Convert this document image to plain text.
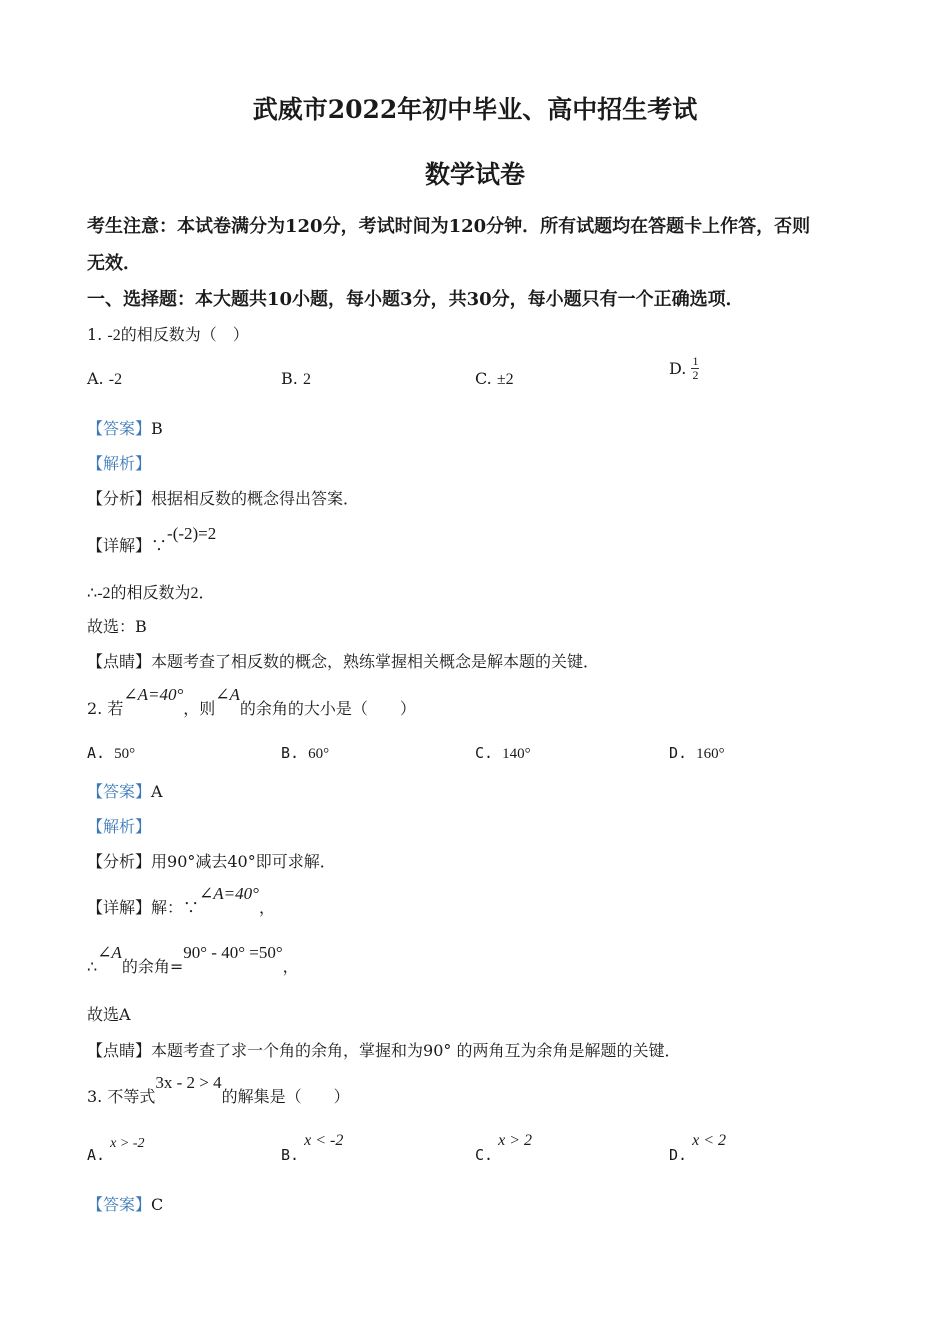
武威市2022年初中毕业、高中招生考试
数学试卷
考生注意：本试卷满分为120分，考试时间为120分钟．所有试题均在答题卡上作答，否则
无效．
一、选择题：本大题共10小题，每小题3分，共30分，每小题只有一个正确选项．
1. -2的相反数为（　）
A. -2	B. 2	C. ±2
D. $\frac{1}{2}$
【答案】B
【解析】
【分析】根据相反数的概念得出答案．
【详解】∵-(-2)=2
∴-2的相反数为2．
故选：B
【点睛】本题考查了相反数的概念，熟练掌握相关概念是解本题的关键．
2. 若∠A=40°，则∠A的余角的大小是（　　）
A. 50°	B. 60°	C. 140°	D. 160°
【答案】A
【解析】
【分析】用90°减去40°即可求解．
【详解】解：∵∠A=40°，
∴∠A的余角=90° - 40° =50°，
故选A
【点睛】本题考查了求一个角的余角，掌握和为90° 的两角互为余角是解题的关键．
3. 不等式3x - 2 > 4的解集是（　　）
A. x > -2
B. x < -2
C. x > 2
D. x < 2
【答案】C
